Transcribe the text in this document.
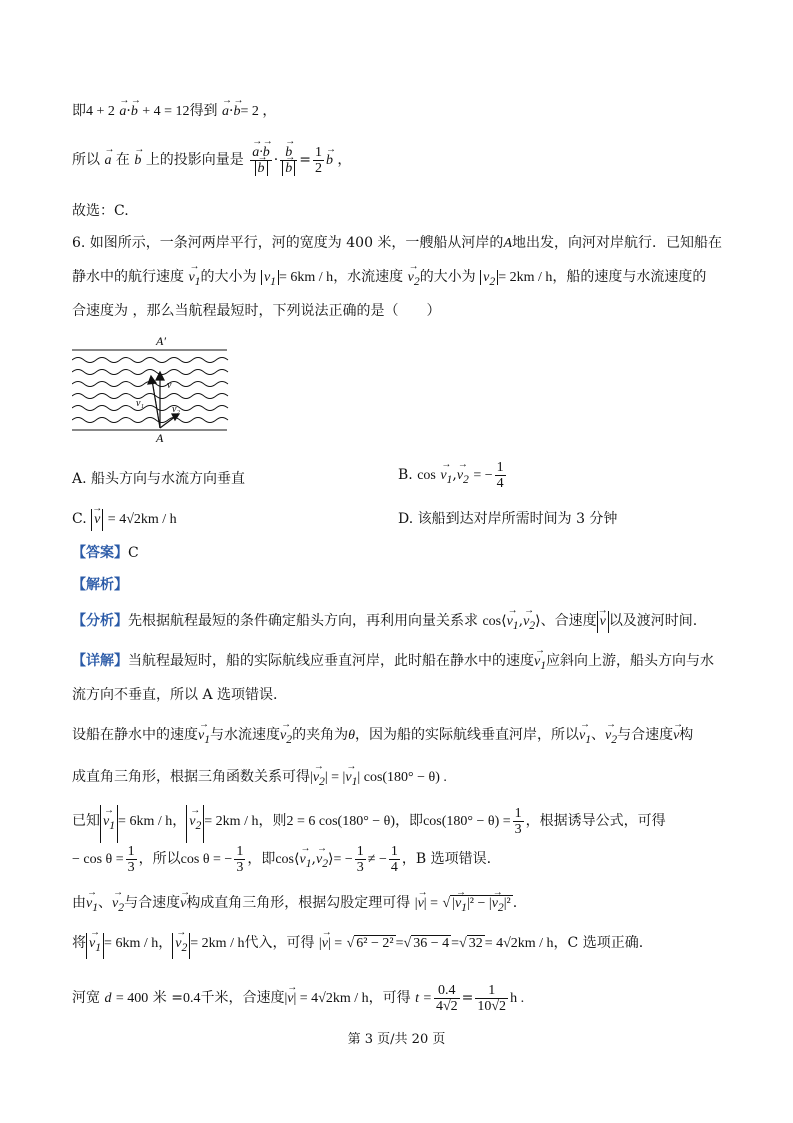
即4 + 2 → a·→ b + 4 = 12得到 → a·→ b= 2 ，
所以 → a 在 → b 上的投影向量是
→ a·→ b
→ b ·
→ b
→ $b = \frac{1}{2}$
→ b ，
故选：C.
6. 如图所示，一条河两岸平行，河的宽度为 400 米，一艘船从河岸的A地出发，向河对岸航行．已知船在
静水中的航行速度 → $v_1$的大小为 $v_1 = 6km / h$，水流速度 → $v_2$的大小为 $v_2 = 2km / h$，船的速度与水流速度的
合速度为 ，那么当航程最短时，下列说法正确的是（　　）
A′
A
v
v₁
v₂
A. 船头方向与水流方向垂直	B. $\cos \to v_1,\to v_2$ = − $\frac{1}{4}$
C. → v = 4√2km / h	D. 该船到达对岸所需时间为 3 分钟
【答案】C
【解析】
【分析】先根据航程最短的条件确定船头方向，再利用向量关系求 cos⟨→ $v_1,\to$ $v_2⟩$、合速度→ v 以及渡河时间.
【详解】当航程最短时，船的实际航线应垂直河岸，此时船在静水中的速度→ $v_1$应斜向上游，船头方向与水
流方向不垂直，所以 A 选项错误.
设船在静水中的速度→ $v_1$与水流速度→ $v_2$的夹角为θ，因为船的实际航线垂直河岸，所以→ $v_1$、→ $v_2$与合速度→ v构
成直角三角形，根据三角函数关系可得|→ $v_2|$ = |→ $v_1|$ cos(180° − θ) .
已知→ $v_1 = 6km / h$，→ $v_2 = 2km / h$，则2 = 6 cos(180° − θ)，即$\cos(180^\circ - \theta) = \frac{1}{3}$ ，根据诱导公式，可得
− $\cos \theta = \frac{1}{3}$ ，所以cos θ = − $\frac{1}{3}$ ，即cos⟨→ $v_1,\to$ $v_2⟩= - \frac{1}{3}$ ≠ − $\frac{1}{4}$ ，B 选项错误.
由→ $v_1$、→ $v_2$与合速度→ v构成直角三角形，根据勾股定理可得 |→ v| = √ |→ $v_1|^2$ − |→ $v_2|^2$ .
将→ $v_1 = 6km / h$，→ $v_2 = 2km / h$代入，可得 |→ v| = √ 6² − 2² =√ 36 − 4 =√ 32 = 4√2km / h，C 选项正确.
河宽 d = 400 米 =0.4千米，合速度|→ v| = 4√2km / h，可得 $t = \frac{0.4}{4√2} = \frac{1}{10√2}$ h .
第 3 页/共 20 页
